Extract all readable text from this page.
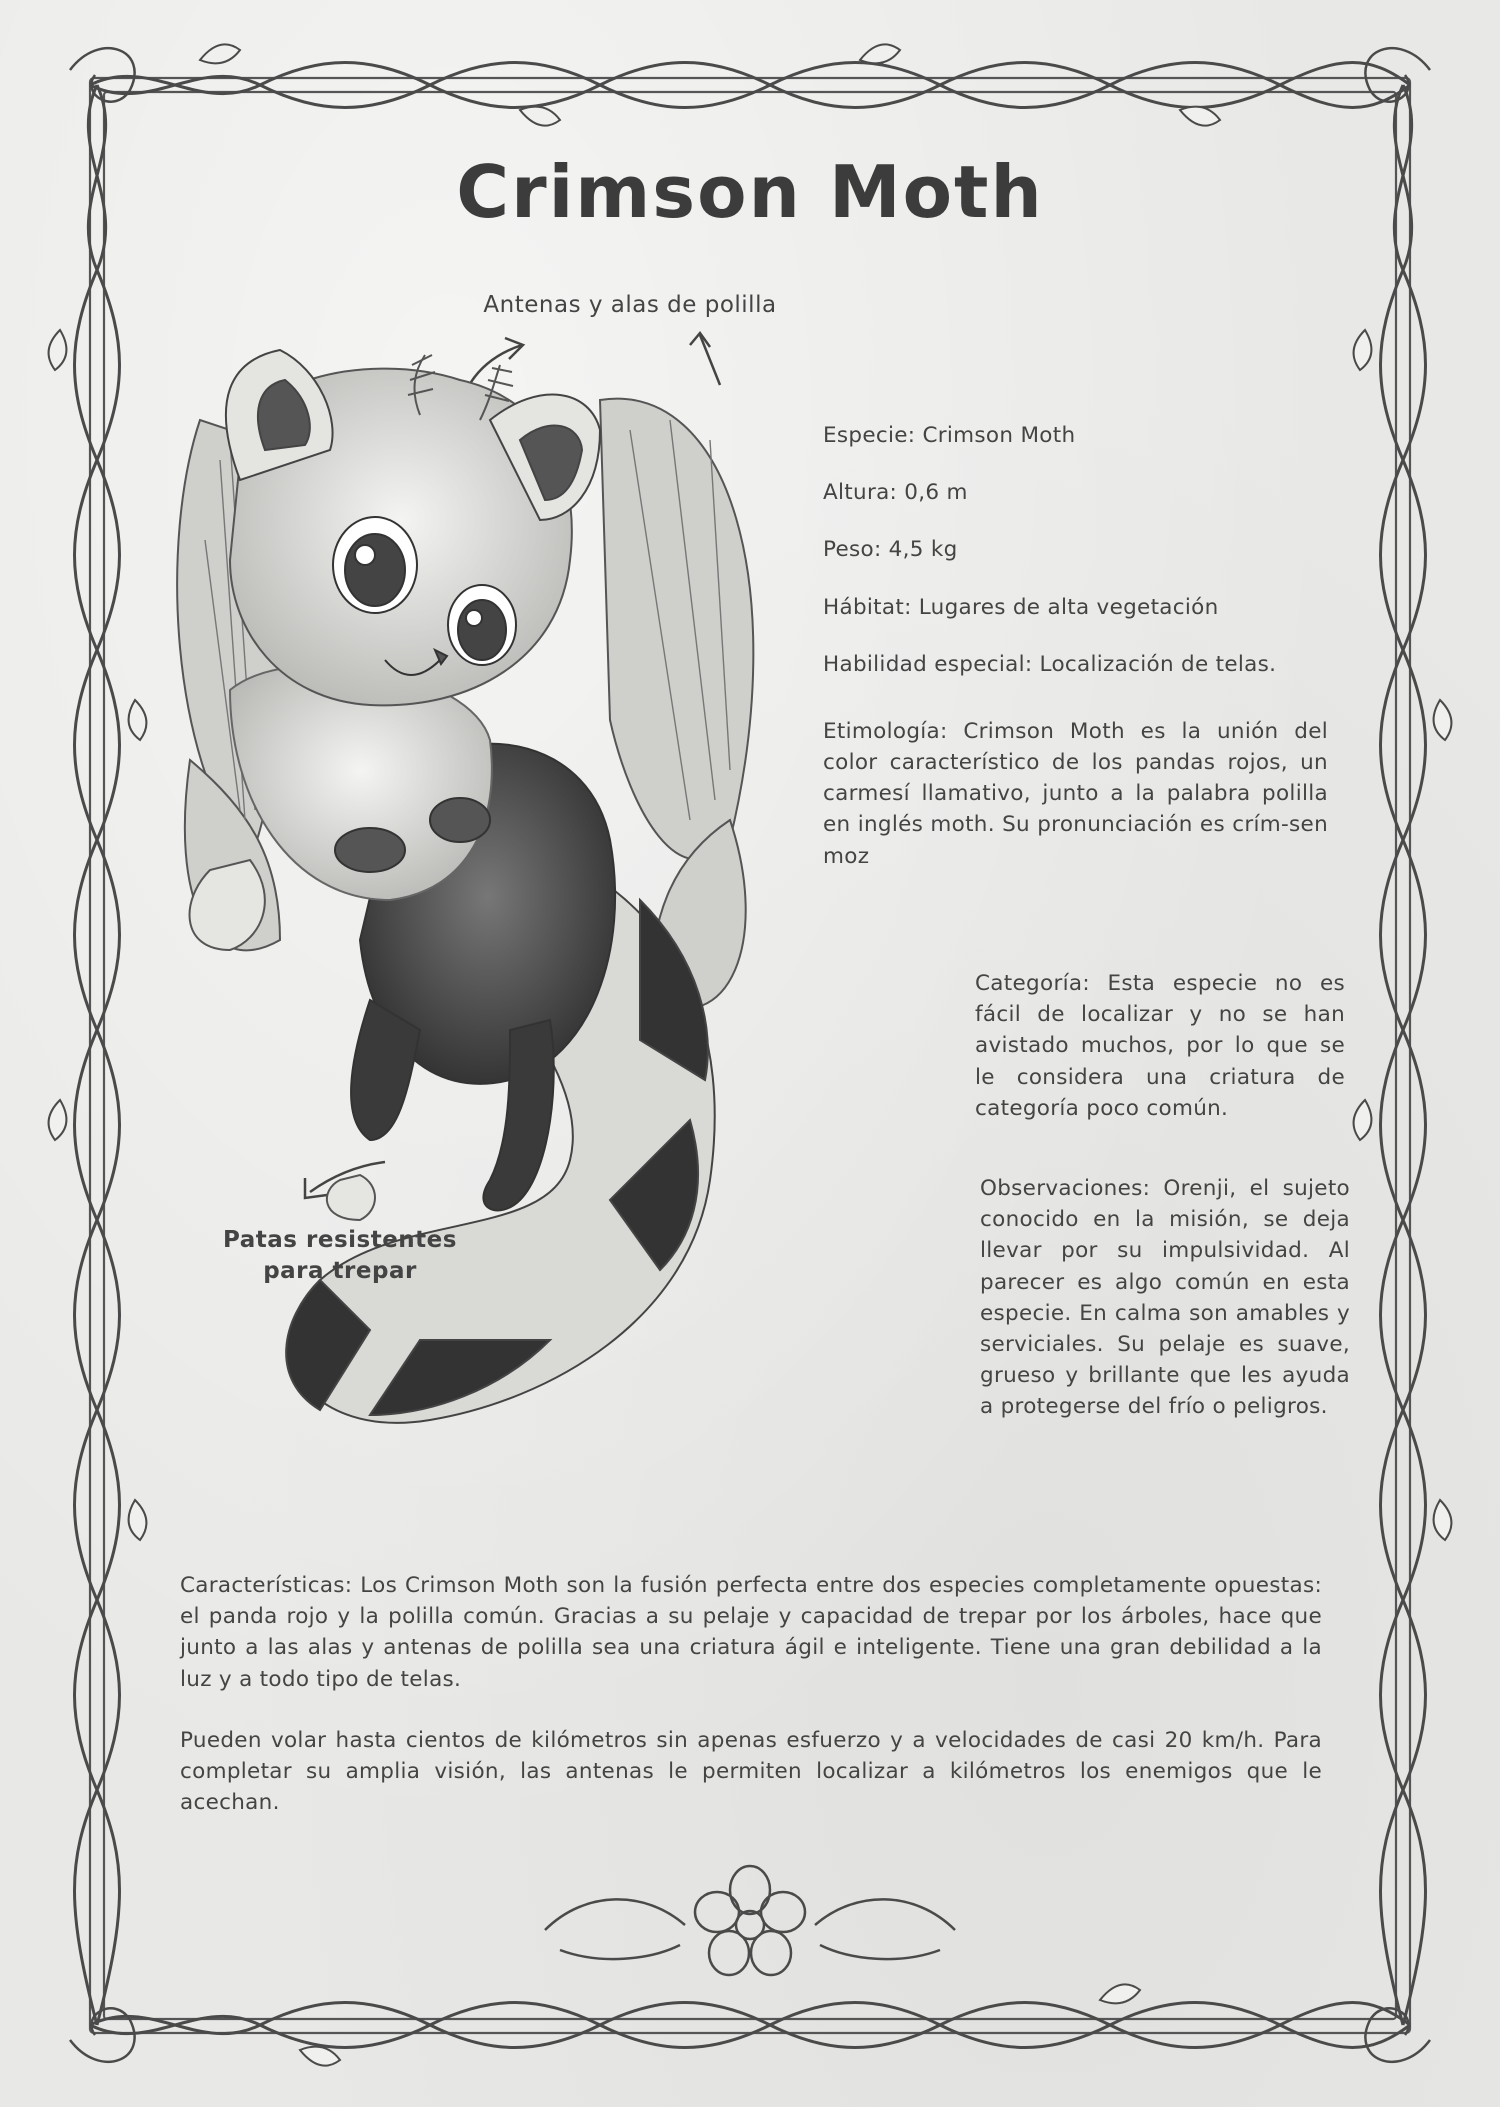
Crimson Moth
Antenas y alas de polilla
Patas resistentes
para trepar

Especie: Crimson Moth

Altura: 0,6 m

Peso: 4,5 kg

Hábitat: Lugares de alta vegetación

Habilidad especial: Localización de telas.

Etimología: Crimson Moth es la unión del color característico de los pandas rojos, un carmesí llamativo, junto a la palabra polilla en inglés moth. Su pronunciación es crím-sen moz

Categoría: Esta especie no es fácil de localizar y no se han avistado muchos, por lo que se le considera una criatura de categoría poco común.
Observaciones: Orenji, el sujeto conocido en la misión, se deja llevar por su impulsividad. Al parecer es algo común en esta especie. En calma son amables y serviciales. Su pelaje es suave, grueso y brillante que les ayuda a protegerse del frío o peligros.
Características: Los Crimson Moth son la fusión perfecta entre dos especies completamente opuestas: el panda rojo y la polilla común. Gracias a su pelaje y capacidad de trepar por los árboles, hace que junto a las alas y antenas de polilla sea una criatura ágil e inteligente. Tiene una gran debilidad a la luz y a todo tipo de telas.
Pueden volar hasta cientos de kilómetros sin apenas esfuerzo y a velocidades de casi 20 km/h. Para completar su amplia visión, las antenas le permiten localizar a kilómetros los enemigos que le acechan.
